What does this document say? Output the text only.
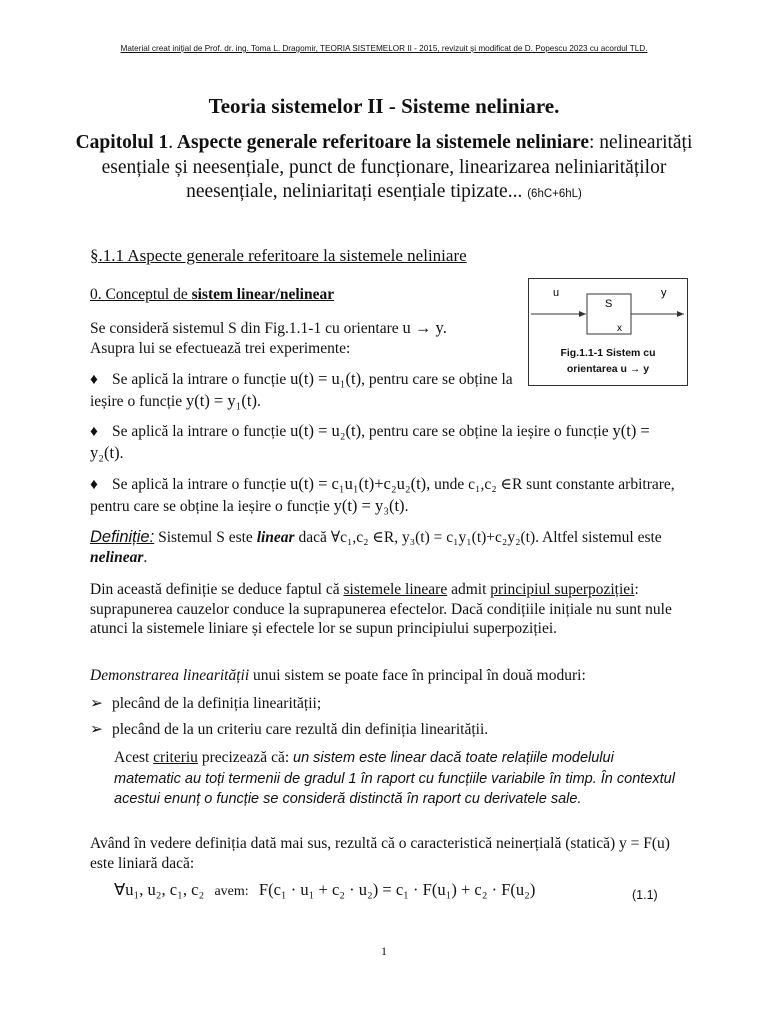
Material creat inițial de Prof. dr. ing. Toma L. Dragomir, TEORIA SISTEMELOR II - 2015, revizuit și modificat de D. Popescu 2023 cu acordul TLD.
Teoria sistemelor II - Sisteme neliniare.
Capitolul 1. Aspecte generale referitoare la sistemele neliniare: nelinearități esențiale și neesențiale, punct de funcționare, linearizarea neliniarităților neesențiale, neliniaritați esențiale tipizate... (6hC+6hL)
§.1.1 Aspecte generale referitoare la sistemele neliniare
0. Conceptul de sistem linear/nelinear	u	y
S
x
Fig.1.1-1 Sistem cu
orientarea u → y
Se consideră sistemul S din Fig.1.1-1 cu orientare u → y.
Asupra lui se efectuează trei experimente:
♦ Se aplică la intrare o funcție u(t) = u₁(t), pentru care se obține la ieșire o funcție y(t) = y₁(t).
♦ Se aplică la intrare o funcție u(t) = u₂(t), pentru care se obține la ieșire o funcție y(t) = y₂(t).
♦ Se aplică la intrare o funcție u(t) = c₁u₁(t)+c₂u₂(t), unde c₁,c₂ ∈R sunt constante arbitrare, pentru care se obține la ieșire o funcție y(t) = y₃(t).
Definiție: Sistemul S este linear dacă ∀c₁,c₂ ∈R, y₃(t) = c₁y₁(t)+c₂y₂(t). Altfel sistemul este nelinear.
Din această definiție se deduce faptul că sistemele lineare admit principiul superpoziției: suprapunerea cauzelor conduce la suprapunerea efectelor. Dacă condițiile inițiale nu sunt nule atunci la sistemele liniare și efectele lor se supun principiului superpoziției.
Demonstrarea linearității unui sistem se poate face în principal în două moduri:
➢ plecând de la definiția linearității;
➢ plecând de la un criteriu care rezultă din definiția linearității.
Acest criteriu precizează că: un sistem este linear dacă toate relațiile modelului matematic au toți termenii de gradul 1 în raport cu funcțiile variabile în timp. În contextul acestui enunț o funcție se consideră distinctă în raport cu derivatele sale.
Având în vedere definiția dată mai sus, rezultă că o caracteristică neinerțială (statică) y = F(u) este liniară dacă:
∀u₁, u₂, c₁, c₂ avem: F(c₁ · u₁ + c₂ · u₂) = c₁ · F(u₁) + c₂ · F(u₂)	(1.1)
1
